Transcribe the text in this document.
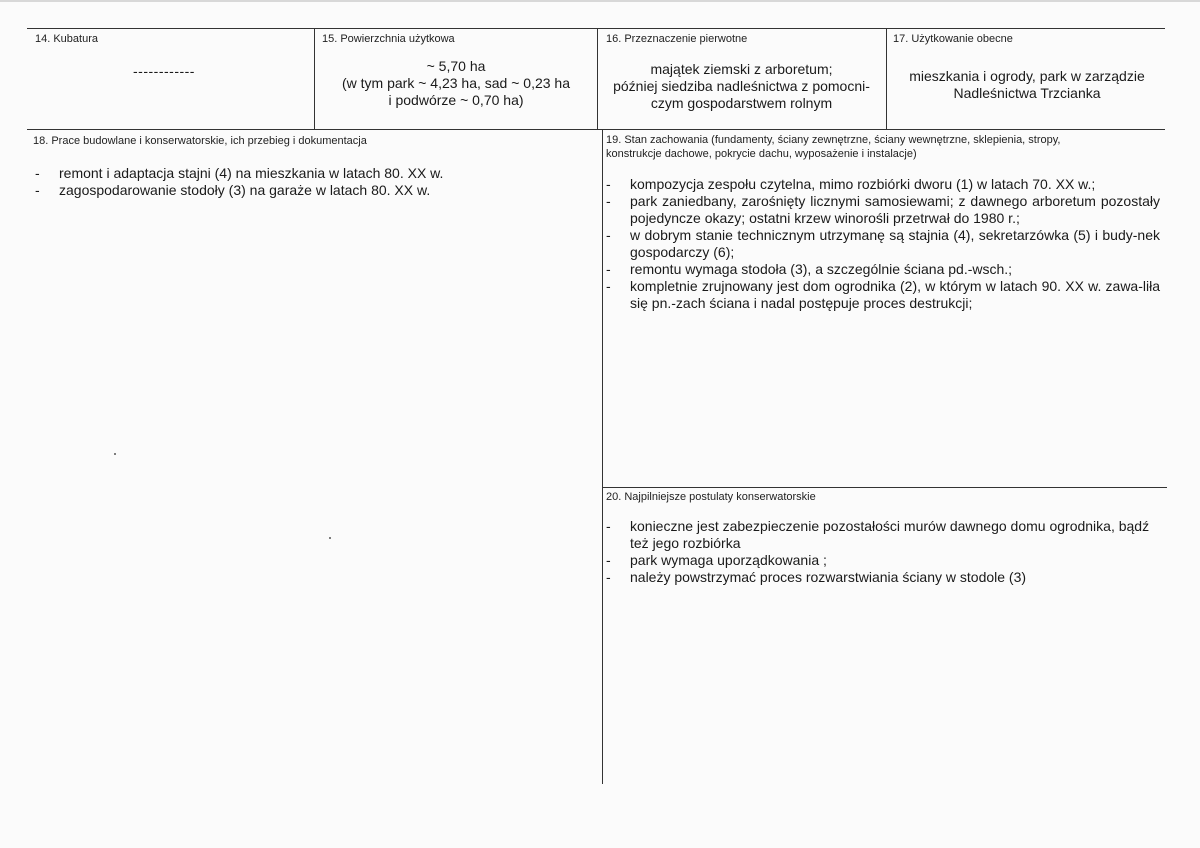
14. Kubatura
------------
15. Powierzchnia użytkowa
~ 5,70 ha
(w tym park ~ 4,23 ha, sad ~ 0,23 ha
i podwórze ~ 0,70 ha)
16. Przeznaczenie pierwotne
majątek ziemski z arboretum;
później siedziba nadleśnictwa z pomocni-
czym gospodarstwem rolnym
17. Użytkowanie obecne
mieszkania i ogrody, park w zarządzie
Nadleśnictwa Trzcianka
18. Prace budowlane i konserwatorskie, ich przebieg i dokumentacja
- remont i adaptacja stajni (4) na mieszkania w latach 80. XX w.
- zagospodarowanie stodoły (3) na garaże w latach 80. XX w.
19. Stan zachowania (fundamenty, ściany zewnętrzne, ściany wewnętrzne, sklepienia, stropy,
konstrukcje dachowe, pokrycie dachu, wyposażenie i instalacje)
- kompozycja zespołu czytelna, mimo rozbiórki dworu (1) w latach 70. XX w.;
- park zaniedbany, zarośnięty licznymi samosiewami; z dawnego arboretum pozostały pojedyncze okazy; ostatni krzew winorośli przetrwał do 1980 r.;
- w dobrym stanie technicznym utrzymanę są stajnia (4), sekretarzówka (5) i budy-nek gospodarczy (6);
- remontu wymaga stodoła (3), a szczególnie ściana pd.-wsch.;
- kompletnie zrujnowany jest dom ogrodnika (2), w którym w latach 90. XX w. zawa-liła się pn.-zach ściana i nadal postępuje proces destrukcji;
20. Najpilniejsze postulaty konserwatorskie
- konieczne jest zabezpieczenie pozostałości murów dawnego domu ogrodnika, bądź też jego rozbiórka
- park wymaga uporządkowania ;
- należy powstrzymać proces rozwarstwiania ściany w stodole (3)
